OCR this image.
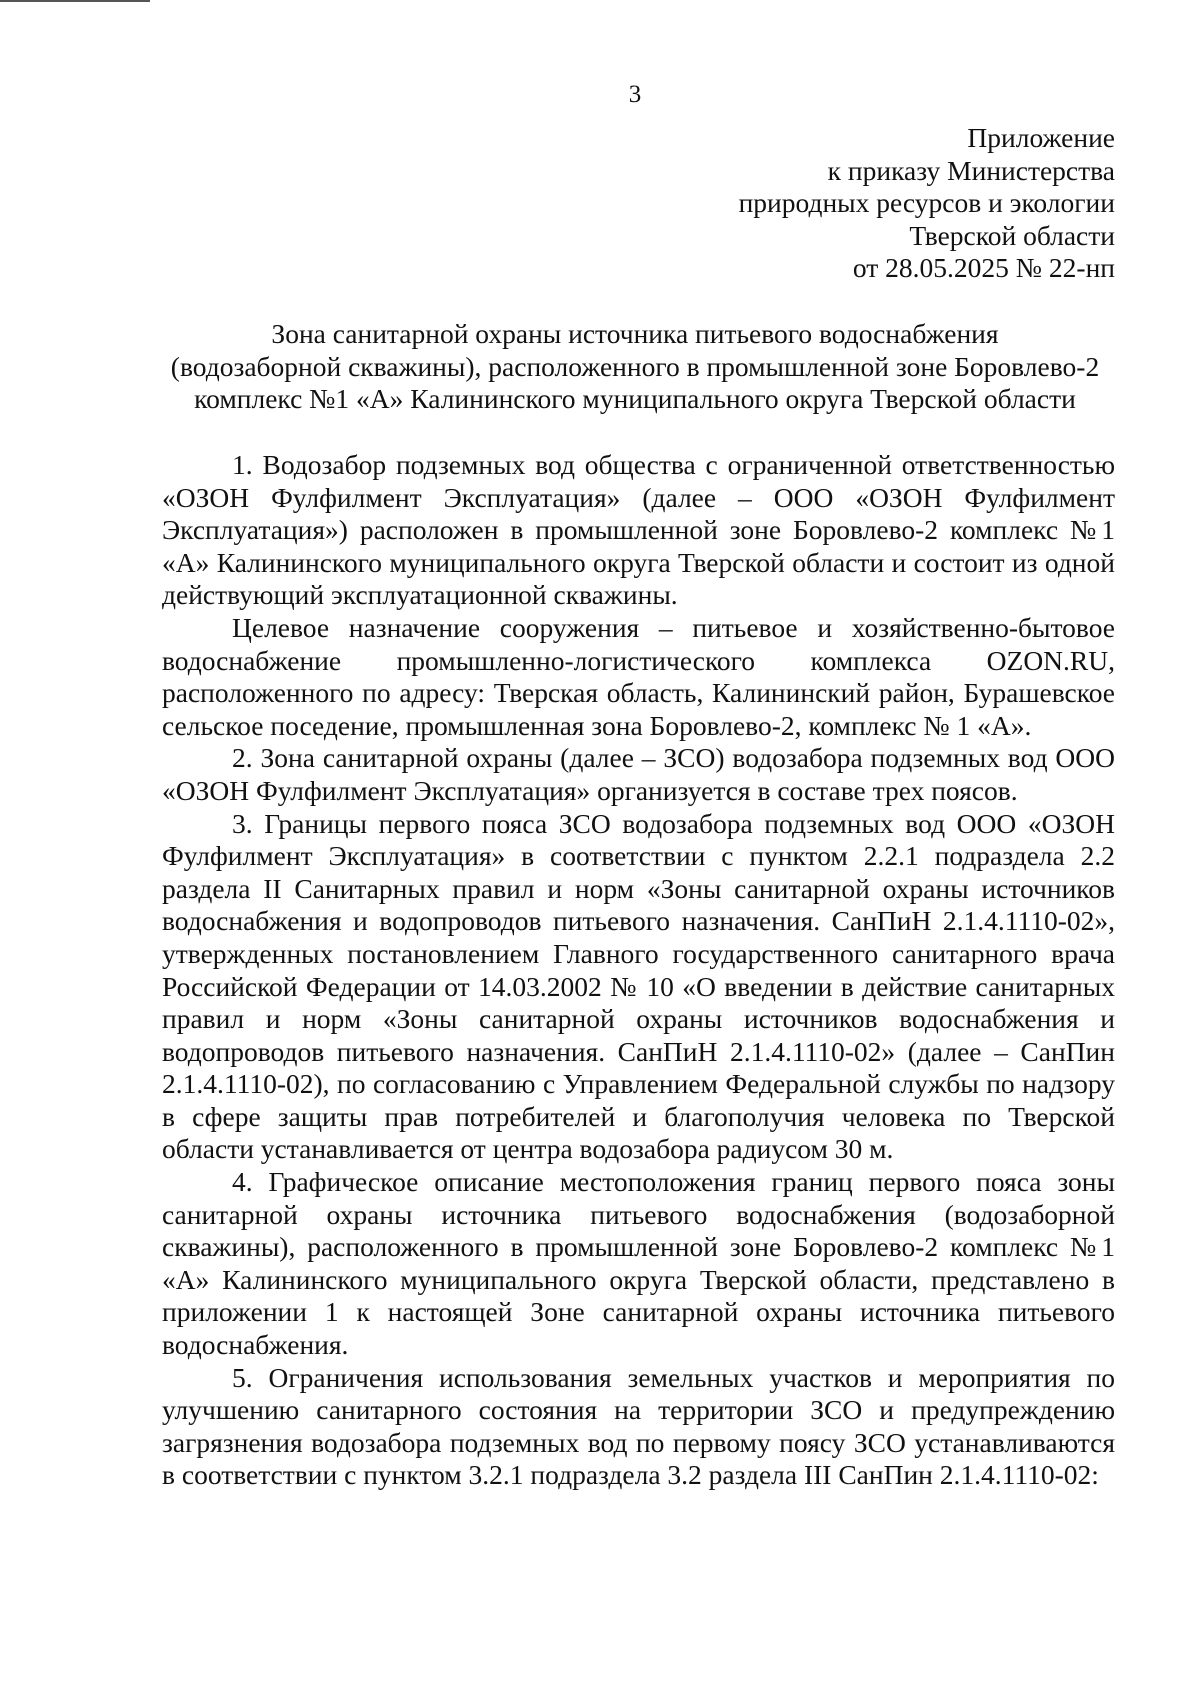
3
Приложение
к приказу Министерства
природных ресурсов и экологии
Тверской области
от 28.05.2025 № 22-нп
Зона санитарной охраны источника питьевого водоснабжения
(водозаборной скважины), расположенного в промышленной зоне Боровлево-2
комплекс №1 «А» Калининского муниципального округа Тверской области

1. Водозабор подземных вод общества с ограниченной ответственностью «ОЗОН Фулфилмент Эксплуатация» (далее – ООО «ОЗОН Фулфилмент Эксплуатация») расположен в промышленной зоне Боровлево-2 комплекс №1 «А» Калининского муниципального округа Тверской области и состоит из одной действующий эксплуатационной скважины.

Целевое назначение сооружения – питьевое и хозяйственно-бытовое водоснабжение промышленно-логистического комплекса OZON.RU, расположенного по адресу: Тверская область, Калининский район, Бурашевское сельское поседение, промышленная зона Боровлево-2, комплекс № 1 «А».

2. Зона санитарной охраны (далее – ЗСО) водозабора подземных вод ООО «ОЗОН Фулфилмент Эксплуатация» организуется в составе трех поясов.

3. Границы первого пояса ЗСО водозабора подземных вод ООО «ОЗОН Фулфилмент Эксплуатация» в соответствии с пунктом 2.2.1 подраздела 2.2 раздела II Санитарных правил и норм «Зоны санитарной охраны источников водоснабжения и водопроводов питьевого назначения. СанПиН 2.1.4.1110-02», утвержденных постановлением Главного государственного санитарного врача Российской Федерации от 14.03.2002 № 10 «О введении в действие санитарных правил и норм «Зоны санитарной охраны источников водоснабжения и водопроводов питьевого назначения. СанПиН 2.1.4.1110-02» (далее – СанПин 2.1.4.1110-02), по согласованию с Управлением Федеральной службы по надзору в сфере защиты прав потребителей и благополучия человека по Тверской области устанавливается от центра водозабора радиусом 30 м.

4. Графическое описание местоположения границ первого пояса зоны санитарной охраны источника питьевого водоснабжения (водозаборной скважины), расположенного в промышленной зоне Боровлево-2 комплекс №1 «А» Калининского муниципального округа Тверской области, представлено в приложении 1 к настоящей Зоне санитарной охраны источника питьевого водоснабжения.

5. Ограничения использования земельных участков и мероприятия по улучшению санитарного состояния на территории ЗСО и предупреждению загрязнения водозабора подземных вод по первому поясу ЗСО устанавливаются в соответствии с пунктом 3.2.1 подраздела 3.2 раздела III СанПин 2.1.4.1110-02:
